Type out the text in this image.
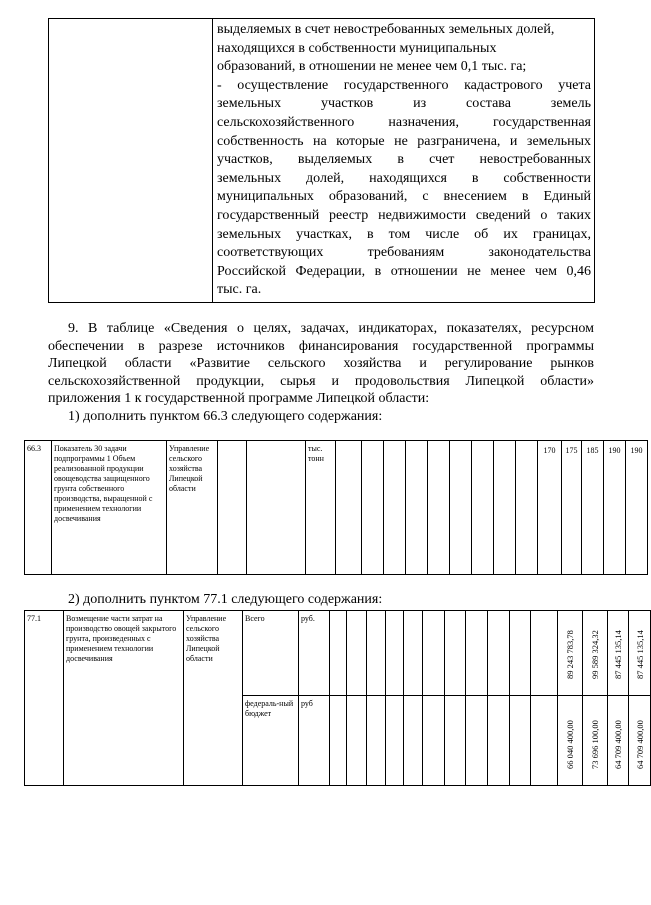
выделяемых в счет невостребованных земельных долей,
находящихся в собственности муниципальных
образований, в отношении не менее чем 0,1 тыс. га;
- осуществление государственного кадастрового учета
земельных участков из состава земель
сельскохозяйственного назначения, государственная
собственность на которые не разграничена, и земельных
участков, выделяемых в счет невостребованных
земельных долей, находящихся в собственности
муниципальных образований, с внесением в Единый
государственный реестр недвижимости сведений о таких
земельных участках, в том числе об их границах,
соответствующих требованиям законодательства
Российской Федерации, в отношении не менее чем 0,46
тыс. га.
9. В таблице «Сведения о целях, задачах, индикаторах, показателях, ресурсном
обеспечении в разрезе источников финансирования государственной программы
Липецкой области «Развитие сельского хозяйства и регулирование рынков
сельскохозяйственной продукции, сырья и продовольствия Липецкой области»
приложения 1 к государственной программе Липецкой области:
1) дополнить пунктом 66.3 следующего содержания:
66.3	Показатель 30 задачи подпрограммы 1 Объем реализованной продукции овощеводства защищенного грунта собственного производства, выращенной с применением технологии досвечивания	Управление сельского хозяйства Липецкой области			тыс. тонн										170	175	185	190	190
2) дополнить пунктом 77.1 следующего содержания:
77.1	Возмещение части затрат на производство овощей закрытого грунта, произведенных с применением технологии досвечивания	Управление сельского хозяйства Липецкой области	Всего	руб.												89 243 783,78	99 589 324,32	87 445 135,14	87 445 135,14

			федераль-ный бюджет	руб												66 040 400,00	73 696 100,00	64 709 400,00	64 709 400,00
